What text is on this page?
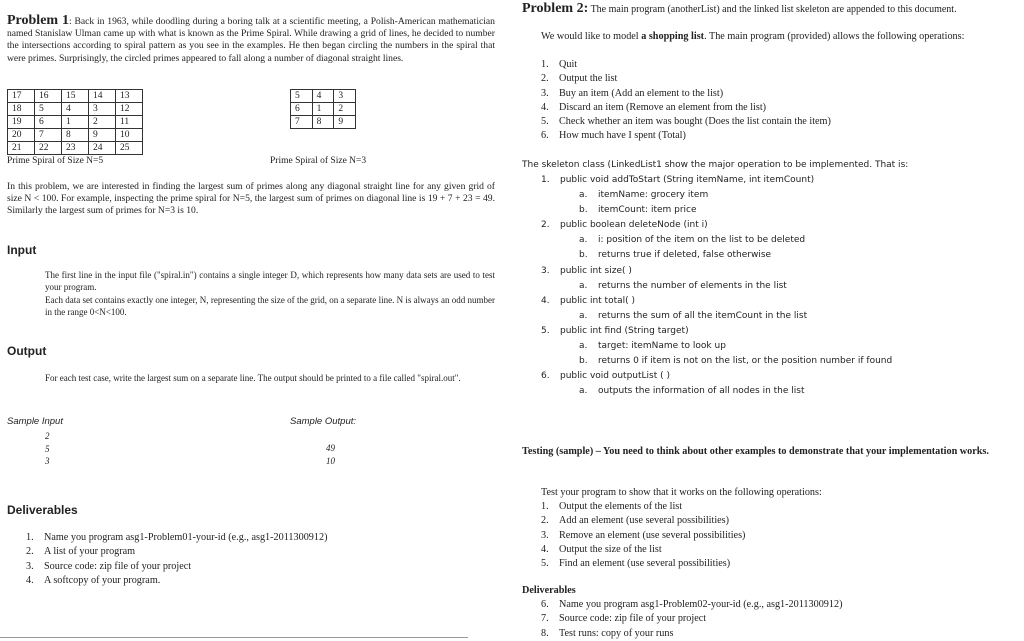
Problem 1: Back in 1963, while doodling during a boring talk at a scientific meeting, a Polish-American mathematician named Stanislaw Ulman came up with what is known as the Prime Spiral. While drawing a grid of lines, he decided to number the intersections according to spiral pattern as you see in the examples. He then began circling the numbers in the spiral that were primes. Surprisingly, the circled primes appeared to fall along a number of diagonal straight lines.
17	16	15	14	13
18	5	4	3	12
19	6	1	2	11
20	7	8	9	10
21	22	23	24	25
5	4	3
6	1	2
7	8	9
Prime Spiral of Size N=5	Prime Spiral of Size N=3
In this problem, we are interested in finding the largest sum of primes along any diagonal straight line for any given grid of size N < 100. For example, inspecting the prime spiral for N=5, the largest sum of primes on diagonal line is 19 + 7 + 23 = 49. Similarly the largest sum of primes for N=3 is 10.
Input
The first line in the input file ("spiral.in") contains a single integer D, which represents how many data sets are used to test your program.
Each data set contains exactly one integer, N, representing the size of the grid, on a separate line. N is always an odd number in the range 0<N<100.
Output
For each test case, write the largest sum on a separate line. The output should be printed to a file called "spiral.out".
Sample Input
2
5
3
Sample Output:
49
10
Deliverables
1. Name you program asg1-Problem01-your-id (e.g., asg1-2011300912)
2. A list of your program
3. Source code: zip file of your project
4. A softcopy of your program.
Problem 2: The main program (anotherList) and the linked list skeleton are appended to this document.
We would like to model a shopping list. The main program (provided) allows the following operations:
1. Quit
2. Output the list
3. Buy an item (Add an element to the list)
4. Discard an item (Remove an element from the list)
5. Check whether an item was bought (Does the list contain the item)
6. How much have I spent (Total)
The skeleton class (LinkedList1 show the major operation to be implemented. That is:
1. public void addToStart (String itemName, int itemCount)
a. itemName: grocery item
b. itemCount: item price
2. public boolean deleteNode (int i)
a. i: position of the item on the list to be deleted
b. returns true if deleted, false otherwise
3. public int size( )
a. returns the number of elements in the list
4. public int total( )
a. returns the sum of all the itemCount in the list
5. public int find (String target)
a. target: itemName to look up
b. returns 0 if item is not on the list, or the position number if found
6. public void outputList ( )
a. outputs the information of all nodes in the list
Testing (sample) – You need to think about other examples to demonstrate that your implementation works.
Test your program to show that it works on the following operations:
1. Output the elements of the list
2. Add an element (use several possibilities)
3. Remove an element (use several possibilities)
4. Output the size of the list
5. Find an element (use several possibilities)
Deliverables
6. Name you program asg1-Problem02-your-id (e.g., asg1-2011300912)
7. Source code: zip file of your project
8. Test runs: copy of your runs
